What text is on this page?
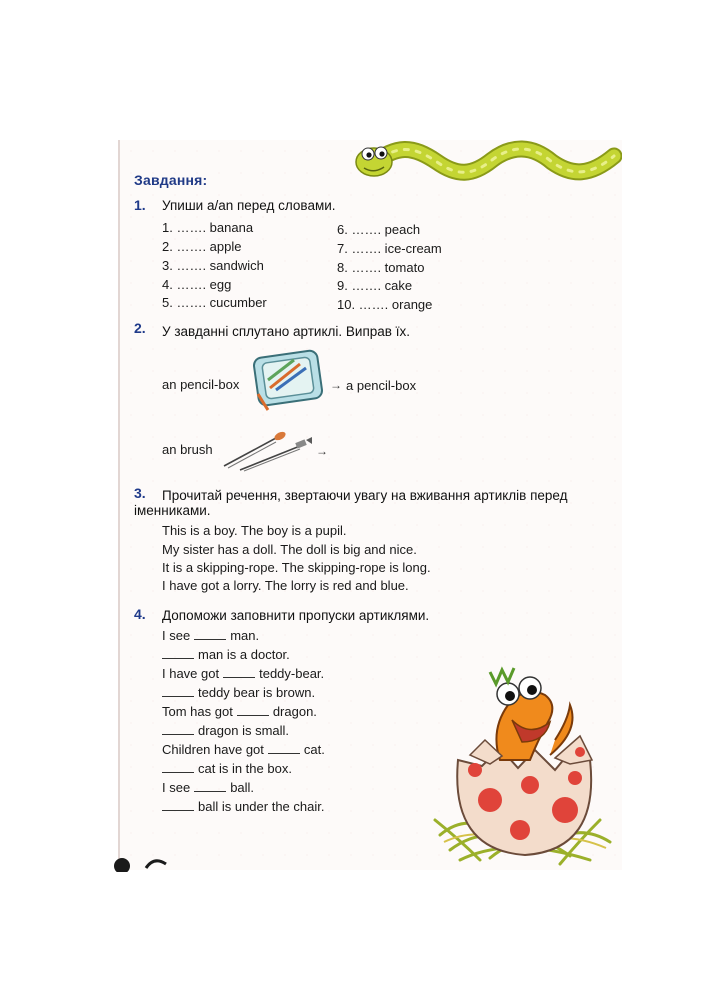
Завдання:
1. Упиши a/an перед словами.
1. ……. banana
2. ……. apple
3. ……. sandwich
4. ……. egg
5. ……. cucumber
6. ……. peach
7. ……. ice-cream
8. ……. tomato
9. ……. cake
10. ……. orange
2. У завданні сплутано артиклі. Виправ їх.
an pencil-box	→ a pencil-box
an brush	→
3. Прочитай речення, звертаючи увагу на вживання артиклів перед
іменниками.
This is a boy. The boy is a pupil.
My sister has a doll. The doll is big and nice.
It is a skipping-rope. The skipping-rope is long.
I have got a lorry. The lorry is red and blue.
4. Допоможи заповнити пропуски артиклями.
I see	man.
man is a doctor.
I have got	teddy-bear.
teddy bear is brown.
Tom has got	dragon.
dragon is small.
Children have got	cat.
cat is in the box.
I see	ball.
ball is under the chair.
